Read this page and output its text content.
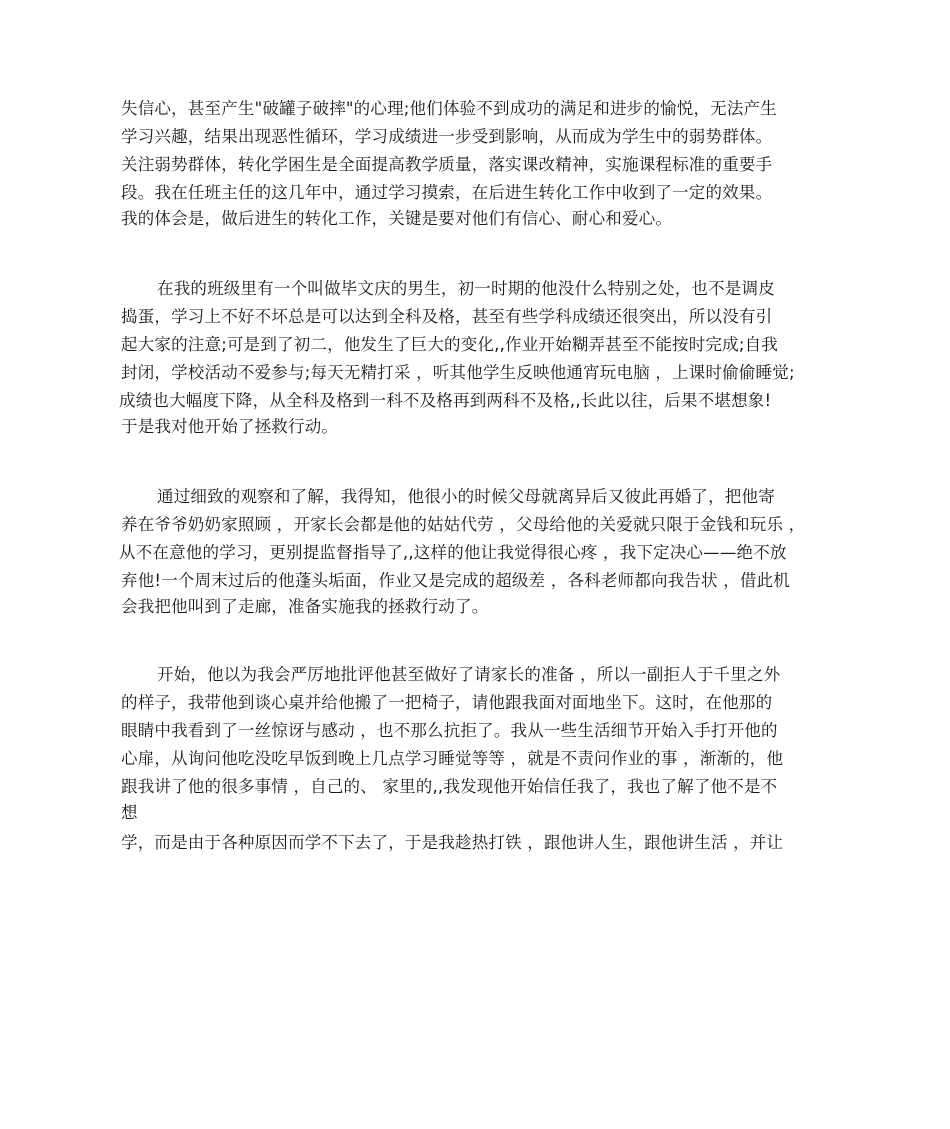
失信心，甚至产生"破罐子破摔"的心理;他们体验不到成功的满足和进步的愉悦，无法产生

学习兴趣，结果出现恶性循环，学习成绩进一步受到影响，从而成为学生中的弱势群体。

关注弱势群体，转化学困生是全面提高教学质量，落实课改精神，实施课程标准的重要手

段。我在任班主任的这几年中，通过学习摸索，在后进生转化工作中收到了一定的效果。

我的体会是，做后进生的转化工作，关键是要对他们有信心、耐心和爱心。

在我的班级里有一个叫做毕文庆的男生，初一时期的他没什么特别之处，也不是调皮

捣蛋，学习上不好不坏总是可以达到全科及格，甚至有些学科成绩还很突出，所以没有引

起大家的注意;可是到了初二，他发生了巨大的变化,,作业开始糊弄甚至不能按时完成;自我

封闭，学校活动不爱参与;每天无精打采 ，听其他学生反映他通宵玩电脑 ，上课时偷偷睡觉;

成绩也大幅度下降，从全科及格到一科不及格再到两科不及格,,长此以往，后果不堪想象!

于是我对他开始了拯救行动。

通过细致的观察和了解，我得知，他很小的时候父母就离异后又彼此再婚了，把他寄

养在爷爷奶奶家照顾 ，开家长会都是他的姑姑代劳 ，父母给他的关爱就只限于金钱和玩乐 ，

从不在意他的学习，更别提监督指导了,,这样的他让我觉得很心疼 ，我下定决心——绝不放

弃他!一个周末过后的他蓬头垢面，作业又是完成的超级差 ，各科老师都向我告状 ，借此机

会我把他叫到了走廊，准备实施我的拯救行动了。

开始，他以为我会严厉地批评他甚至做好了请家长的准备 ，所以一副拒人于千里之外

的样子，我带他到谈心桌并给他搬了一把椅子，请他跟我面对面地坐下。这时，在他那的

眼睛中我看到了一丝惊讶与感动 ，也不那么抗拒了。我从一些生活细节开始入手打开他的

心扉，从询问他吃没吃早饭到晚上几点学习睡觉等等 ，就是不责问作业的事 ，渐渐的，他

跟我讲了他的很多事情 ，自己的、 家里的,,我发现他开始信任我了，我也了解了他不是不

想

学，而是由于各种原因而学不下去了，于是我趁热打铁 ，跟他讲人生，跟他讲生活 ，并让
